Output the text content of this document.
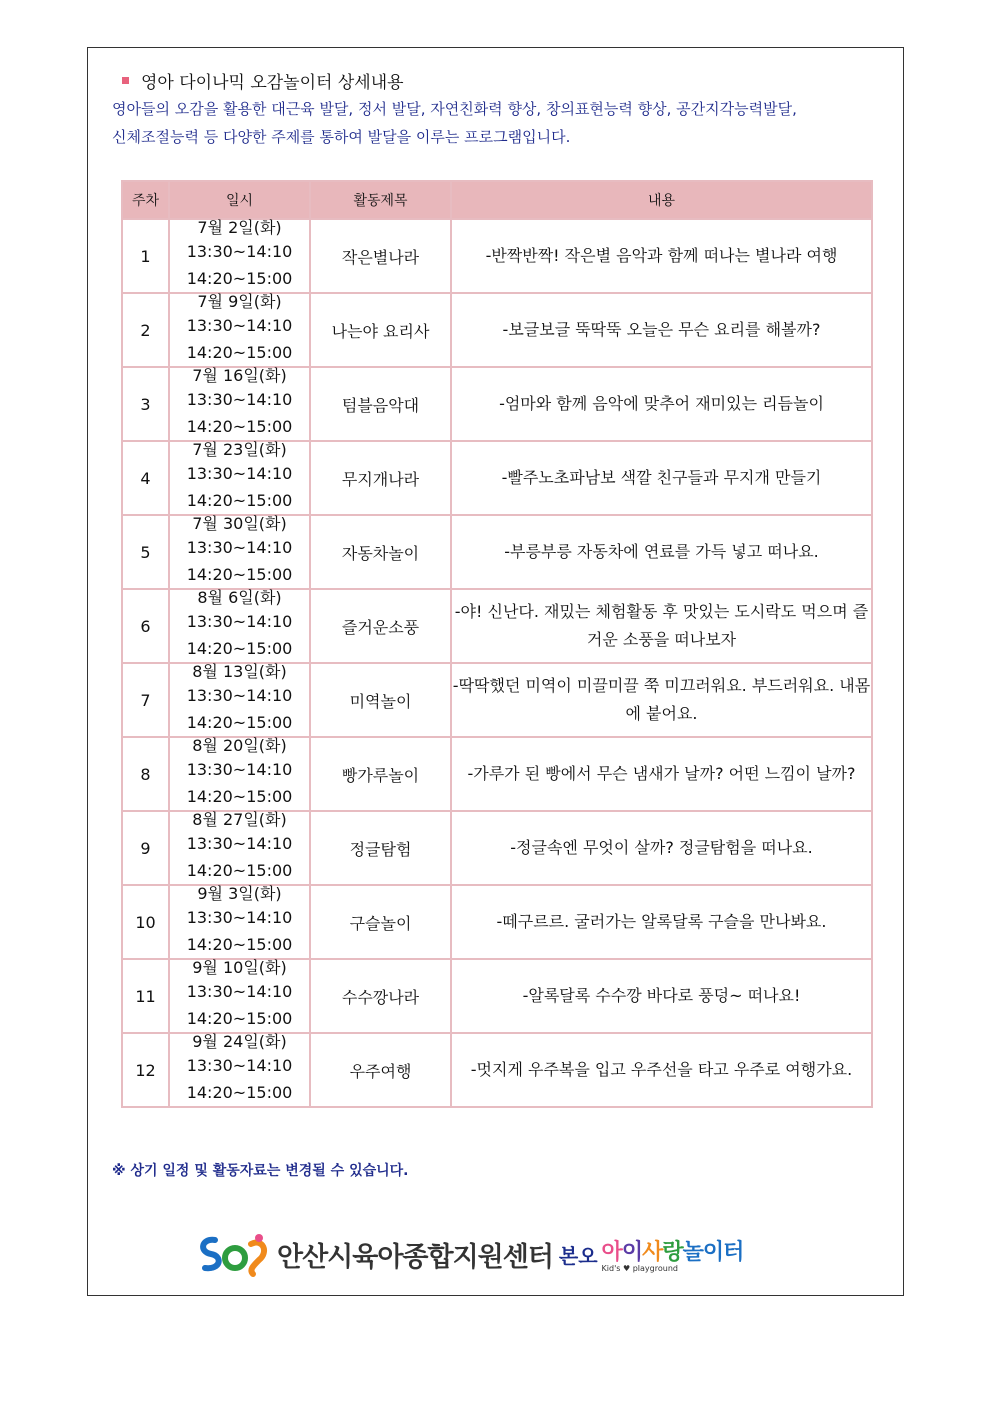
영아 다이나믹 오감놀이터 상세내용
영아들의 오감을 활용한 대근육 발달, 정서 발달, 자연친화력 향상, 창의표현능력 향상, 공간지각능력발달,
신체조절능력 등 다양한 주제를 통하여 발달을 이루는 프로그램입니다.
주차	일시	활동제목	내용
1	7월 2일(화)
13:30~14:10
14:20~15:00	작은별나라	-반짝반짝! 작은별 음악과 함께 떠나는 별나라 여행
2	7월 9일(화)
13:30~14:10
14:20~15:00	나는야 요리사	-보글보글 뚝딱뚝 오늘은 무슨 요리를 해볼까?
3	7월 16일(화)
13:30~14:10
14:20~15:00	텀블음악대	-엄마와 함께 음악에 맞추어 재미있는 리듬놀이
4	7월 23일(화)
13:30~14:10
14:20~15:00	무지개나라	-빨주노초파남보 색깔 친구들과 무지개 만들기
5	7월 30일(화)
13:30~14:10
14:20~15:00	자동차놀이	-부릉부릉 자동차에 연료를 가득 넣고 떠나요.
6	8월 6일(화)
13:30~14:10
14:20~15:00	즐거운소풍	-야! 신난다. 재밌는 체험활동 후 맛있는 도시락도 먹으며 즐거운 소풍을 떠나보자
7	8월 13일(화)
13:30~14:10
14:20~15:00	미역놀이	-딱딱했던 미역이 미끌미끌 쭉 미끄러워요. 부드러워요. 내몸에 붙어요.
8	8월 20일(화)
13:30~14:10
14:20~15:00	빵가루놀이	-가루가 된 빵에서 무슨 냄새가 날까? 어떤 느낌이 날까?
9	8월 27일(화)
13:30~14:10
14:20~15:00	정글탐험	-정글속엔 무엇이 살까? 정글탐험을 떠나요.
10	9월 3일(화)
13:30~14:10
14:20~15:00	구슬놀이	-떼구르르. 굴러가는 알록달록 구슬을 만나봐요.
11	9월 10일(화)
13:30~14:10
14:20~15:00	수수깡나라	-알록달록 수수깡 바다로 풍덩~ 떠나요!
12	9월 24일(화)
13:30~14:10
14:20~15:00	우주여행	-멋지게 우주복을 입고 우주선을 타고 우주로 여행가요.
※ 상기 일정 및 활동자료는 변경될 수 있습니다.
안산시육아종합지원센터 본오 아이사랑놀이터
Kid's ♥ playground
